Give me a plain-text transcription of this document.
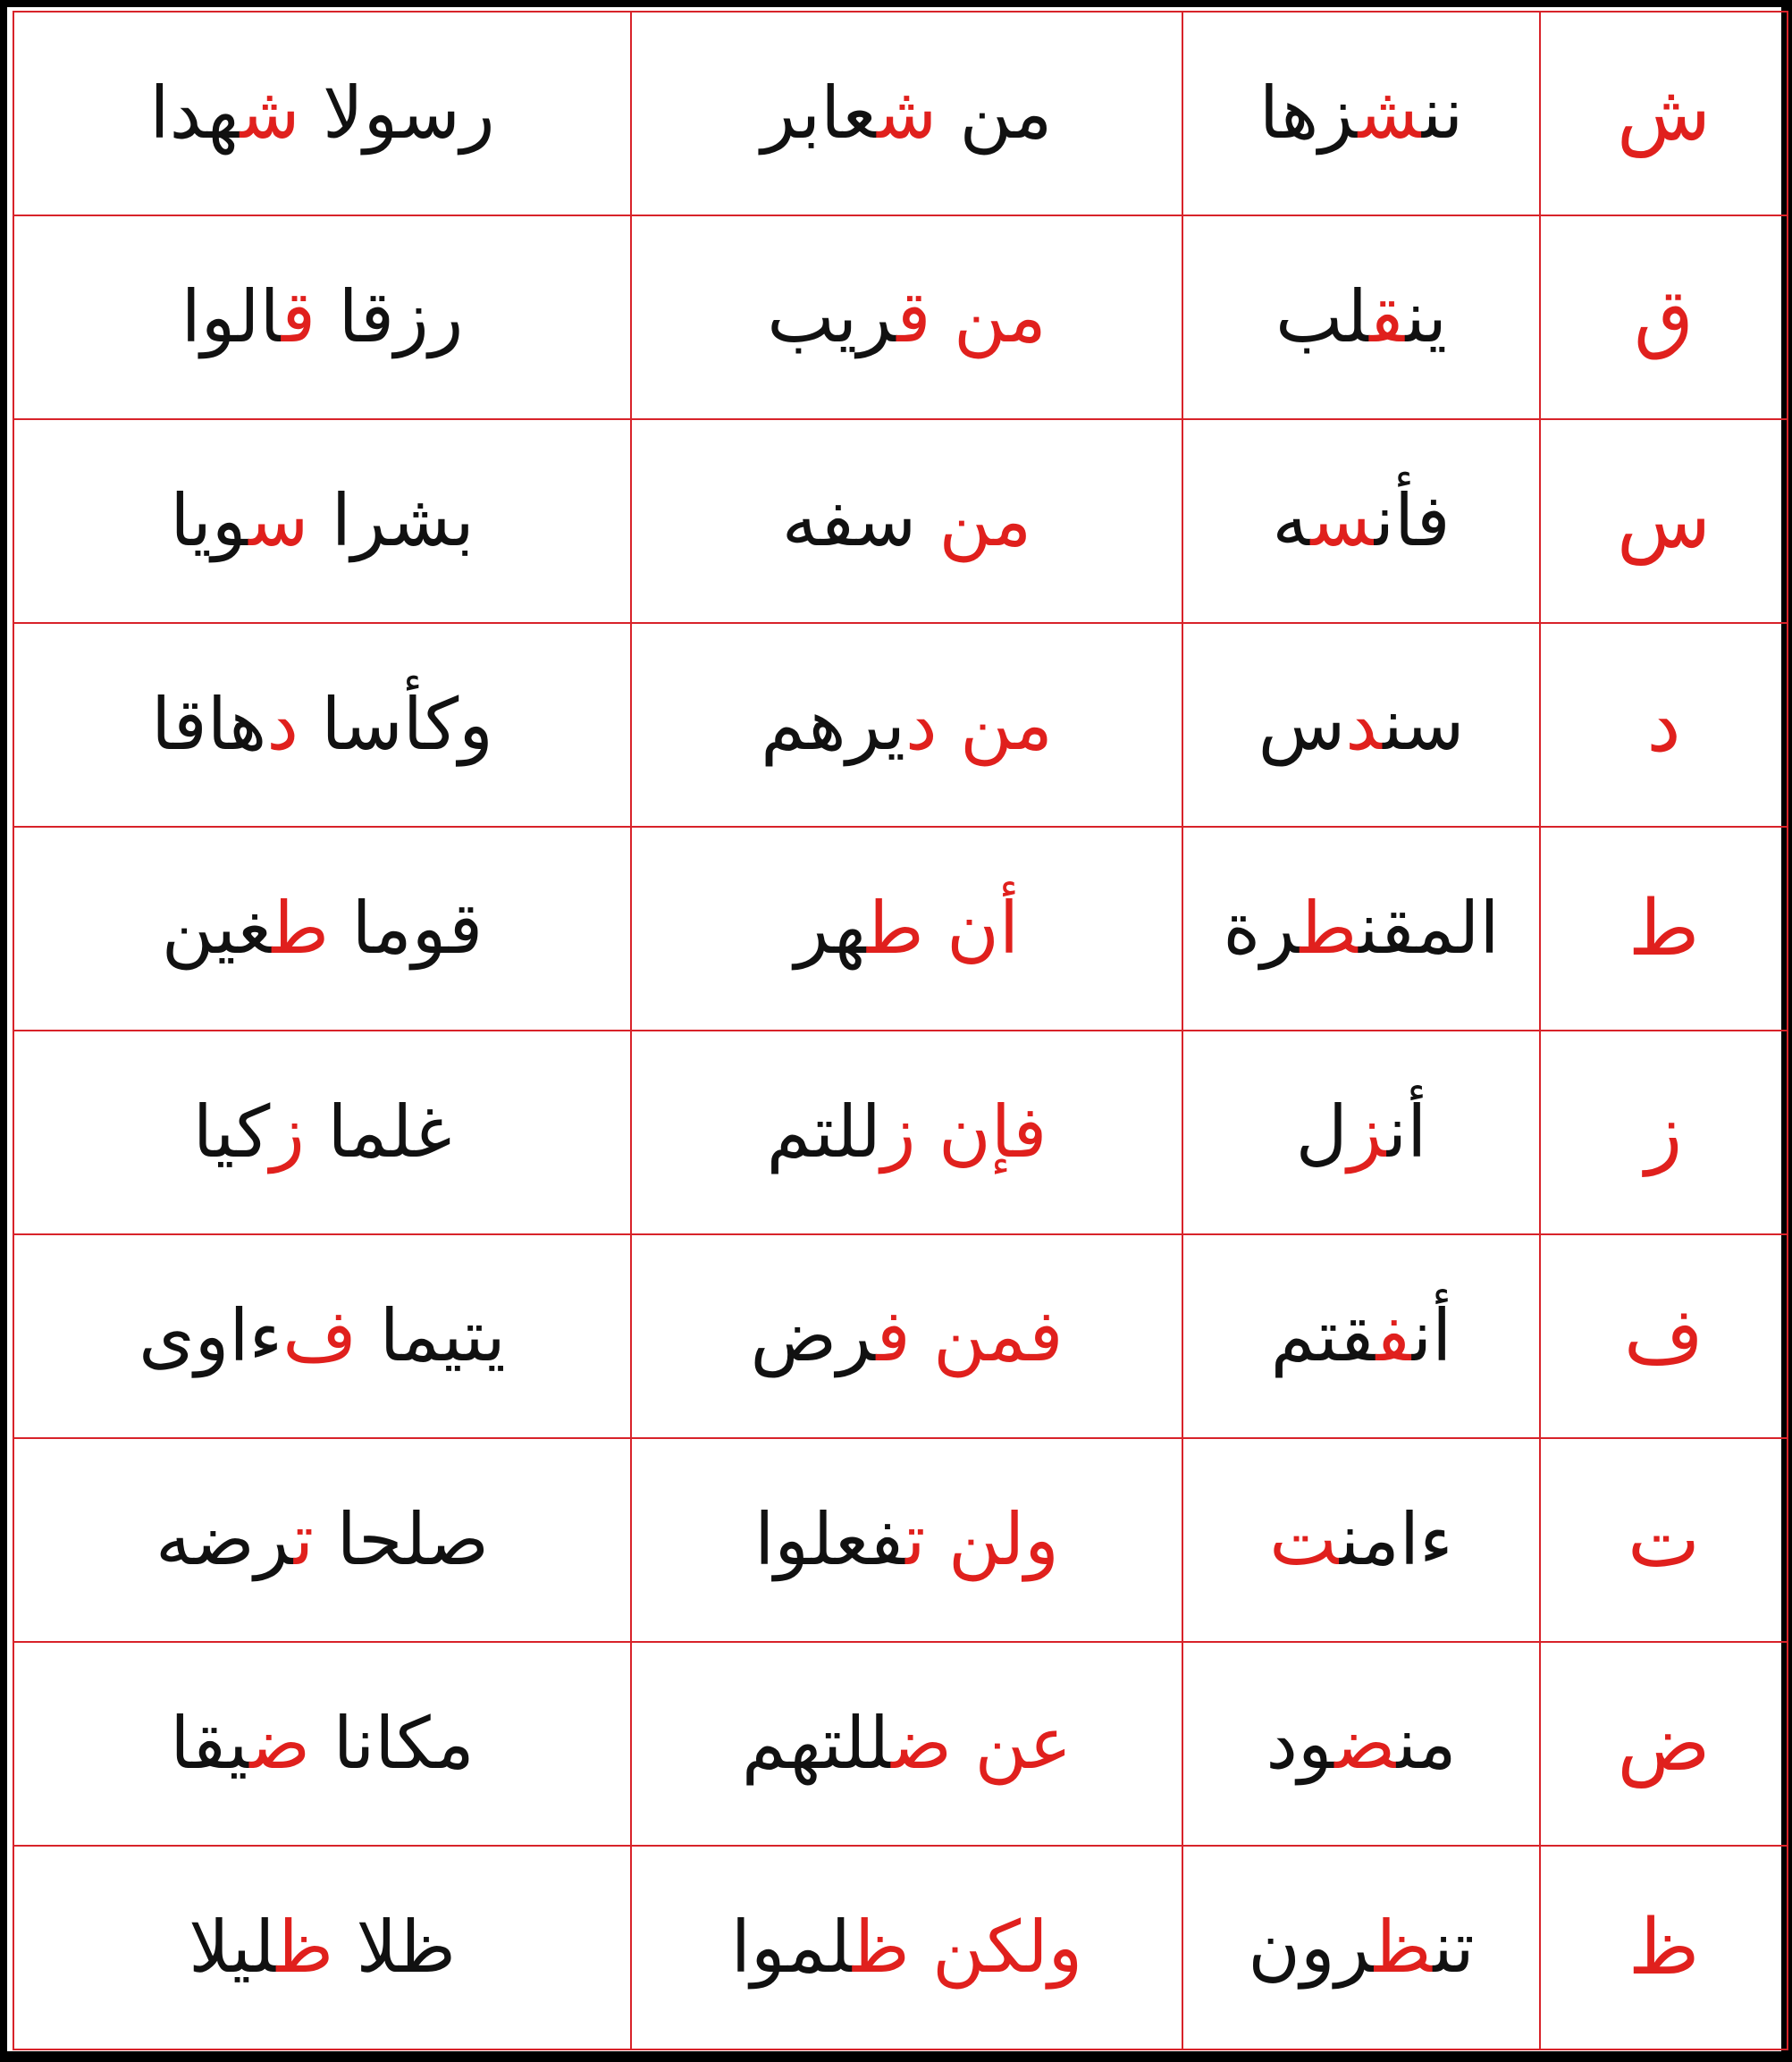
ش	ننشزها	من شعابر	رسولا شهدا
ق	ينقلب	من قريب	رزقا قالوا
س	فأنسه	من سفه	بشرا سويا
د	سندس	من ديرهم	وكأسا دهاقا
ط	المقنطرة	أن طهر	قوما طغين
ز	أنزل	فإن زللتم	غلما زكيا
ف	أنفقتم	فمن فرض	يتيما فءاوى
ت	ءامنت	ولن تفعلوا	صلحا ترضه
ض	منضود	عن ضللتهم	مكانا ضيقا
ظ	تنظرون	ولكن ظلموا	ظلا ظليلا
